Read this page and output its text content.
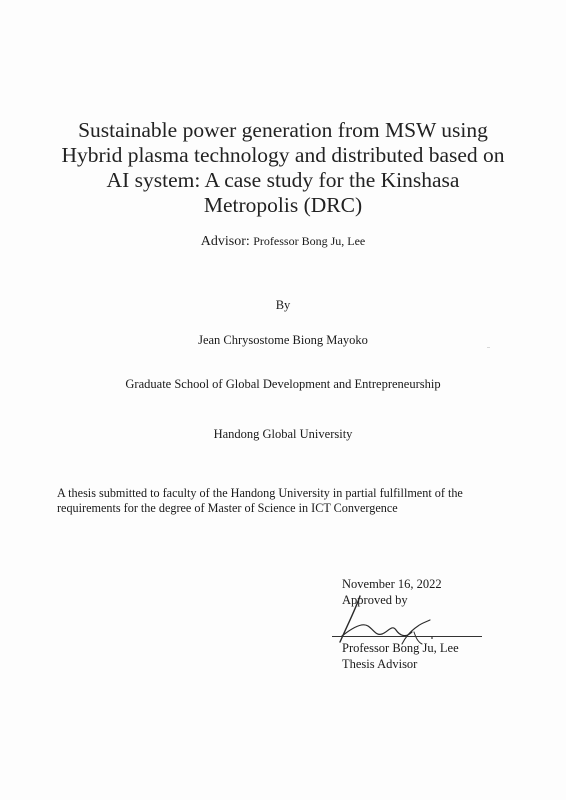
Sustainable power generation from MSW using
Hybrid plasma technology and distributed based on
AI system: A case study for the Kinshasa
Metropolis (DRC)
Advisor: Professor Bong Ju, Lee
By
Jean Chrysostome Biong Mayoko
Graduate School of Global Development and Entrepreneurship
Handong Global University

A thesis submitted to faculty of the Handong University in partial fulfillment of the
requirements for the degree of Master of Science in ICT Convergence

November 16, 2022
Approved by
Professor Bong Ju, Lee
Thesis Advisor
